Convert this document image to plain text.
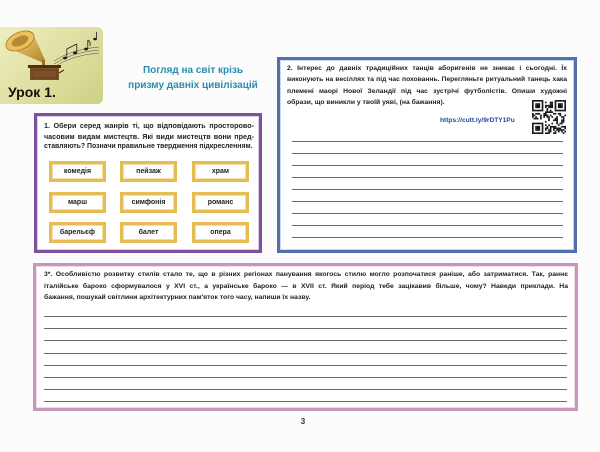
Урок 1.
Погляд на світ крізь
призму давніх цивілізацій
1. Обери серед жанрів ті, що відповідають просторово-
часовим видам мистецтв. Які види мистецтв вони пред-
ставляють? Позначи правильне твердження підкресленням.
комедія	пейзаж	храм
марш	симфонія	романс
барельєф	балет	опера
2. Інтерес до давніх традиційних танців аборигенів не зникає і сьогодні. Їх
виконують на весіллях та під час похованнь. Перегляньте ритуальний танець хака
племені маорі Нової Зеландії під час зустрічі футболістів. Опиши художні
образи, що виникли у твоїй уяві, (на бажання).
https://cutt.ly/9rDTY1Pu
3*. Особливістю розвитку стилів стало те, що в різних регіонах панування якогось стилю могло розпочатися раніше, або затриматися. Так, раннє
італійське бароко сформувалося у XVI ст., а українське бароко — в XVII ст. Який період тебе зацікавив більше, чому? Наведи приклади. На
бажання, пошукай світлини архітектурних пам'яток того часу, напиши їх назву.
3
